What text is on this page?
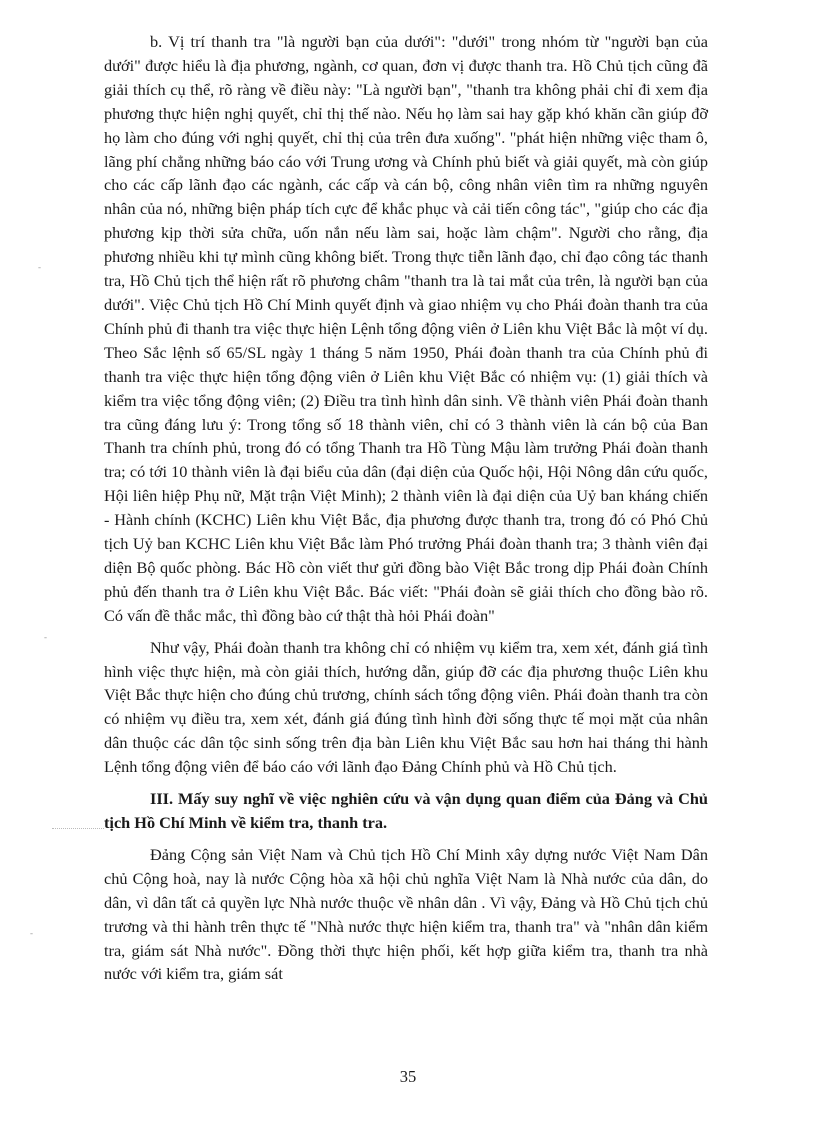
b. Vị trí thanh tra "là người bạn của dưới": "dưới" trong nhóm từ "người bạn của dưới" được hiểu là địa phương, ngành, cơ quan, đơn vị được thanh tra. Hồ Chủ tịch cũng đã giải thích cụ thể, rõ ràng về điều này: "Là người bạn", "thanh tra không phải chỉ đi xem địa phương thực hiện nghị quyết, chỉ thị thế nào. Nếu họ làm sai hay gặp khó khăn cần giúp đỡ họ làm cho đúng với nghị quyết, chỉ thị của trên đưa xuống". "phát hiện những việc tham ô, lãng phí chẳng những báo cáo với Trung ương và Chính phủ biết và giải quyết, mà còn giúp cho các cấp lãnh đạo các ngành, các cấp và cán bộ, công nhân viên tìm ra những nguyên nhân của nó, những biện pháp tích cực để khắc phục và cải tiến công tác", "giúp cho các địa phương kịp thời sửa chữa, uốn nắn nếu làm sai, hoặc làm chậm". Người cho rằng, địa phương nhiều khi tự mình cũng không biết. Trong thực tiễn lãnh đạo, chỉ đạo công tác thanh tra, Hồ Chủ tịch thể hiện rất rõ phương châm "thanh tra là tai mắt của trên, là người bạn của dưới". Việc Chủ tịch Hồ Chí Minh quyết định và giao nhiệm vụ cho Phái đoàn thanh tra của Chính phủ đi thanh tra việc thực hiện Lệnh tổng động viên ở Liên khu Việt Bắc là một ví dụ. Theo Sắc lệnh số 65/SL ngày 1 tháng 5 năm 1950, Phái đoàn thanh tra của Chính phủ đi thanh tra việc thực hiện tổng động viên ở Liên khu Việt Bắc có nhiệm vụ: (1) giải thích và kiểm tra việc tổng động viên; (2) Điều tra tình hình dân sinh. Về thành viên Phái đoàn thanh tra cũng đáng lưu ý: Trong tổng số 18 thành viên, chỉ có 3 thành viên là cán bộ của Ban Thanh tra chính phủ, trong đó có tổng Thanh tra Hồ Tùng Mậu làm trưởng Phái đoàn thanh tra; có tới 10 thành viên là đại biểu của dân (đại diện của Quốc hội, Hội Nông dân cứu quốc, Hội liên hiệp Phụ nữ, Mặt trận Việt Minh); 2 thành viên là đại diện của Uỷ ban kháng chiến - Hành chính (KCHC) Liên khu Việt Bắc, địa phương được thanh tra, trong đó có Phó Chủ tịch Uỷ ban KCHC Liên khu Việt Bắc làm Phó trưởng Phái đoàn thanh tra; 3 thành viên đại diện Bộ quốc phòng. Bác Hồ còn viết thư gửi đồng bào Việt Bắc trong dịp Phái đoàn Chính phủ đến thanh tra ở Liên khu Việt Bắc. Bác viết: "Phái đoàn sẽ giải thích cho đồng bào rõ. Có vấn đề thắc mắc, thì đồng bào cứ thật thà hỏi Phái đoàn"

Như vậy, Phái đoàn thanh tra không chỉ có nhiệm vụ kiểm tra, xem xét, đánh giá tình hình việc thực hiện, mà còn giải thích, hướng dẫn, giúp đỡ các địa phương thuộc Liên khu Việt Bắc thực hiện cho đúng chủ trương, chính sách tổng động viên. Phái đoàn thanh tra còn có nhiệm vụ điều tra, xem xét, đánh giá đúng tình hình đời sống thực tế mọi mặt của nhân dân thuộc các dân tộc sinh sống trên địa bàn Liên khu Việt Bắc sau hơn hai tháng thi hành Lệnh tổng động viên để báo cáo với lãnh đạo Đảng Chính phủ và Hồ Chủ tịch.

III. Mấy suy nghĩ về việc nghiên cứu và vận dụng quan điểm của Đảng và Chủ tịch Hồ Chí Minh về kiểm tra, thanh tra.

Đảng Cộng sản Việt Nam và Chủ tịch Hồ Chí Minh xây dựng nước Việt Nam Dân chủ Cộng hoà, nay là nước Cộng hòa xã hội chủ nghĩa Việt Nam là Nhà nước của dân, do dân, vì dân tất cả quyền lực Nhà nước thuộc về nhân dân . Vì vậy, Đảng và Hồ Chủ tịch chủ trương và thi hành trên thực tế "Nhà nước thực hiện kiểm tra, thanh tra" và "nhân dân kiểm tra, giám sát Nhà nước". Đồng thời thực hiện phối, kết hợp giữa kiểm tra, thanh tra nhà nước với kiểm tra, giám sát

35
-
-
-
